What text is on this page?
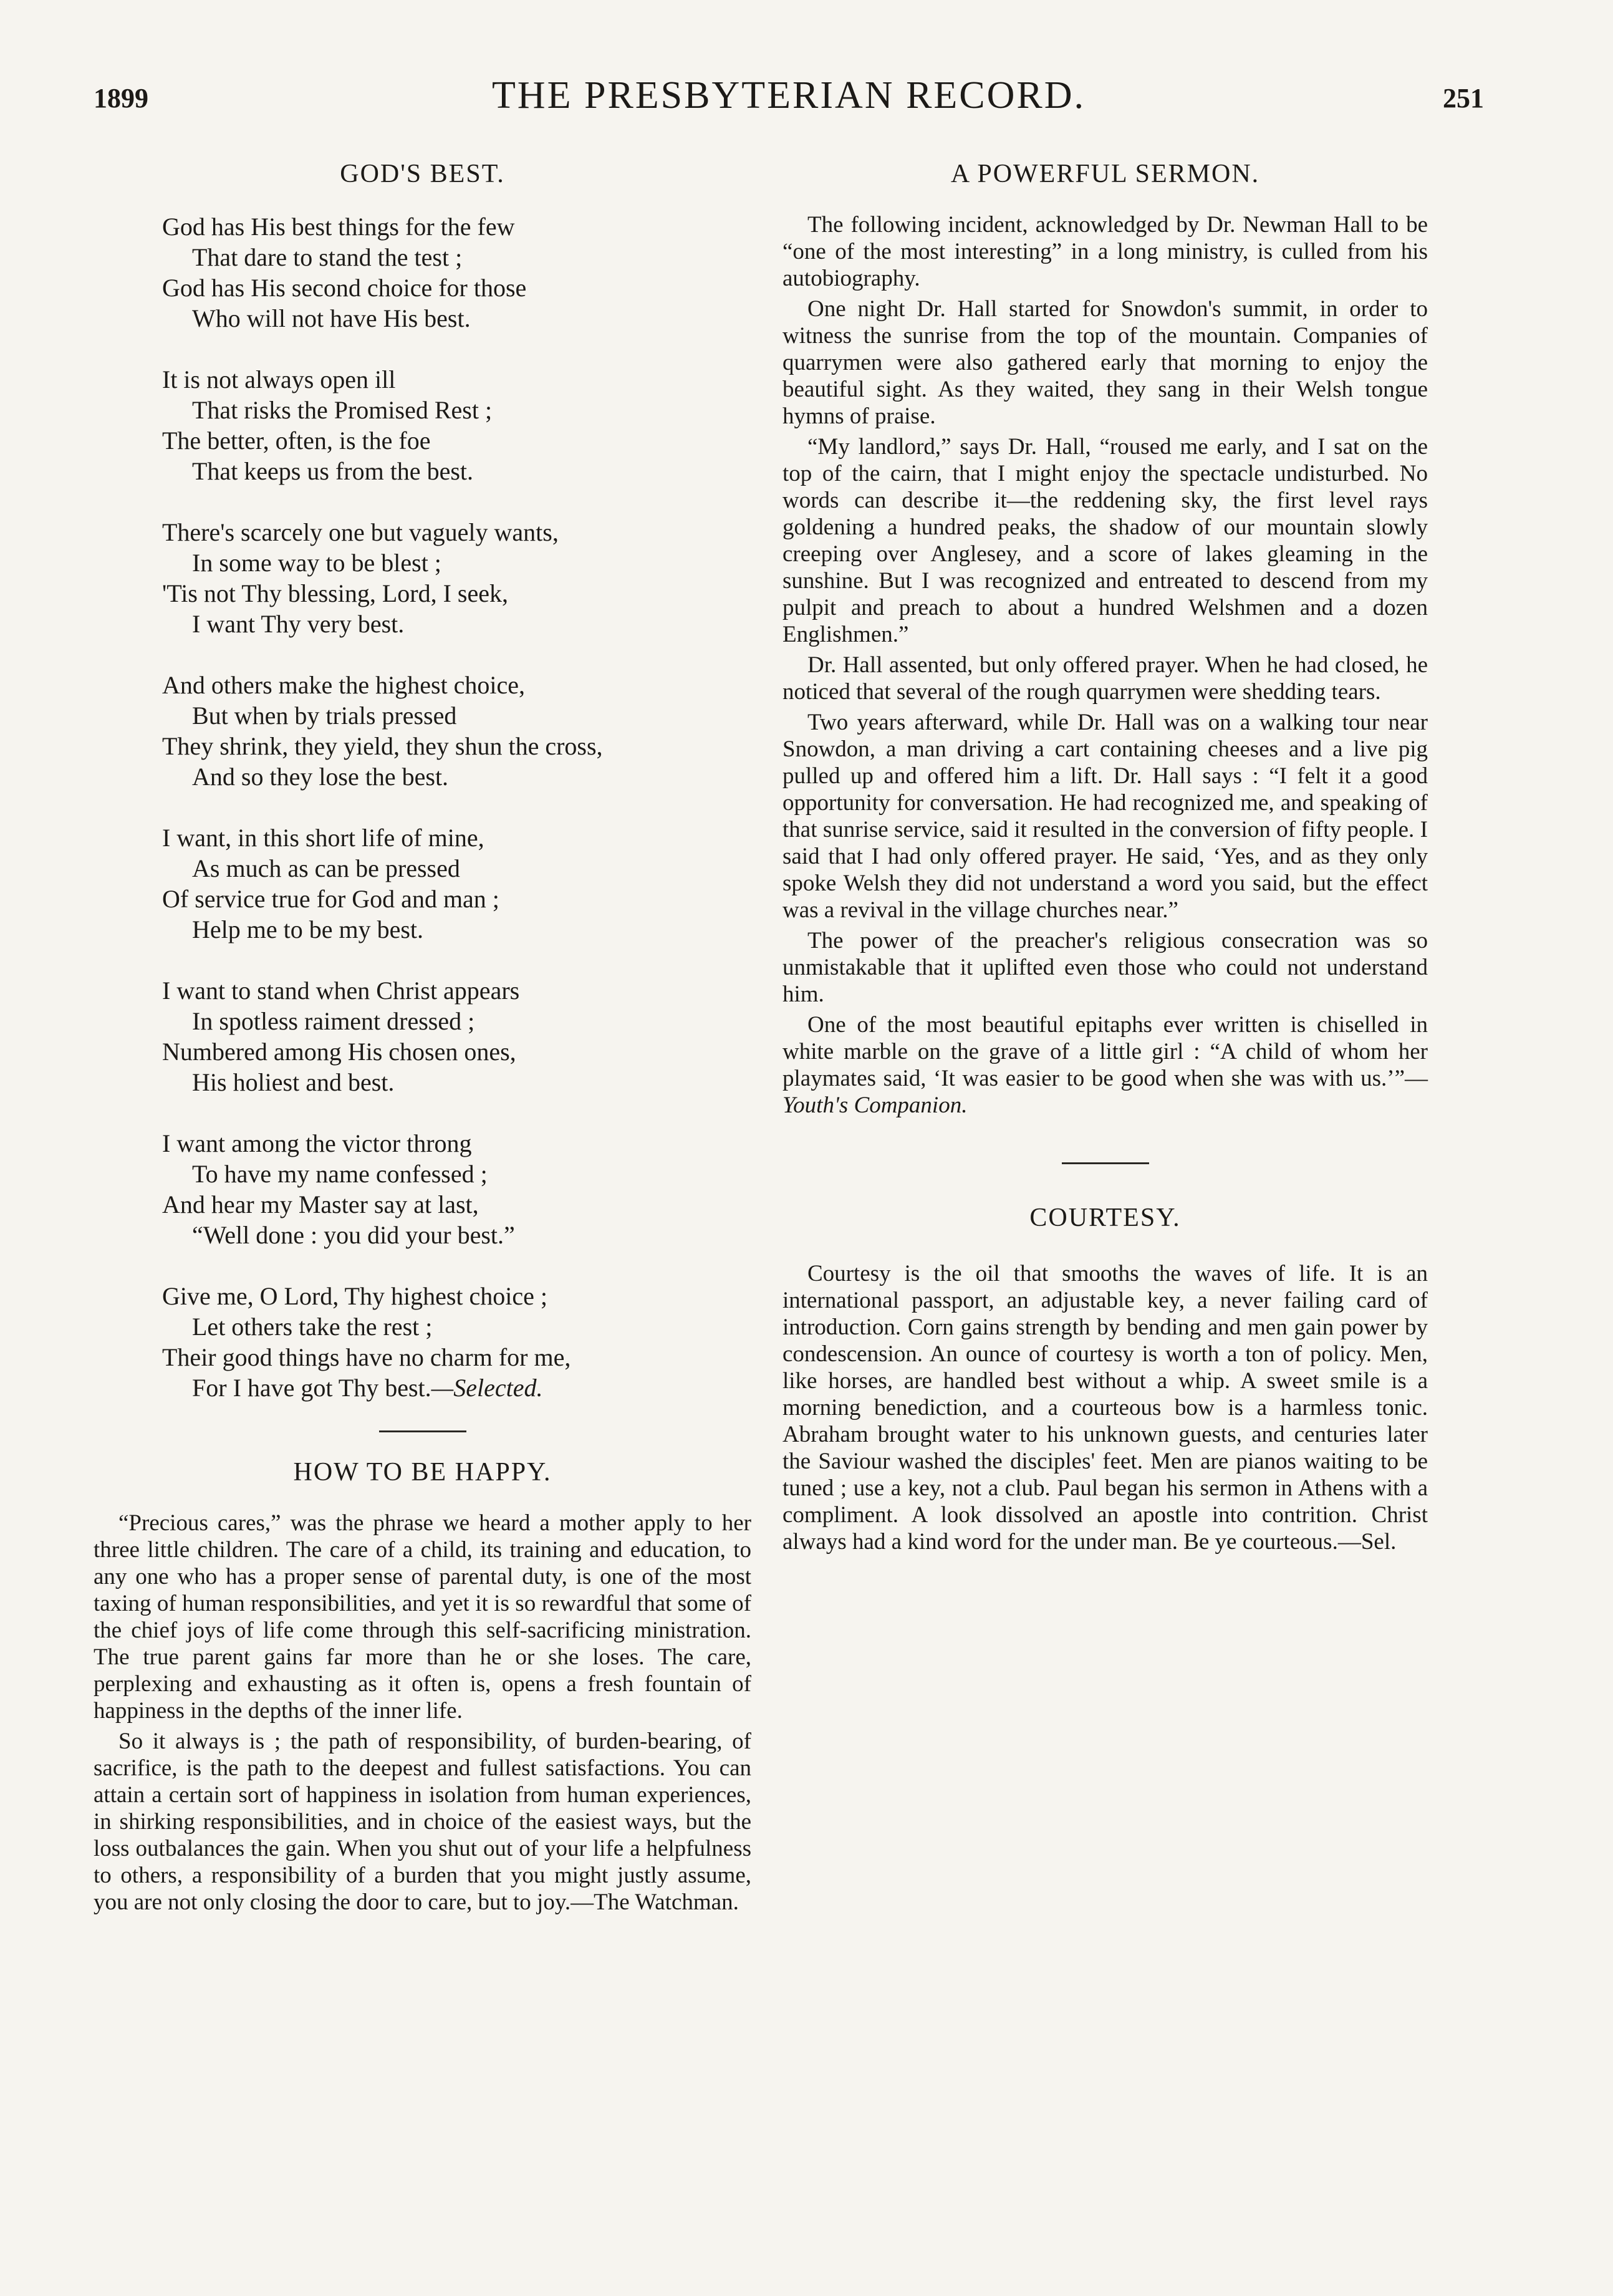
1899	THE PRESBYTERIAN RECORD.	251
GOD'S BEST.
God has His best things for the few
That dare to stand the test ;
God has His second choice for those
Who will not have His best.
It is not always open ill
That risks the Promised Rest ;
The better, often, is the foe
That keeps us from the best.
There's scarcely one but vaguely wants,
In some way to be blest ;
'Tis not Thy blessing, Lord, I seek,
I want Thy very best.
And others make the highest choice,
But when by trials pressed
They shrink, they yield, they shun the cross,
And so they lose the best.
I want, in this short life of mine,
As much as can be pressed
Of service true for God and man ;
Help me to be my best.
I want to stand when Christ appears
In spotless raiment dressed ;
Numbered among His chosen ones,
His holiest and best.
I want among the victor throng
To have my name confessed ;
And hear my Master say at last,
“Well done : you did your best.”
Give me, O Lord, Thy highest choice ;
Let others take the rest ;
Their good things have no charm for me,
For I have got Thy best.—Selected.
HOW TO BE HAPPY.

“Precious cares,” was the phrase we heard a mother apply to her three little children. The care of a child, its training and education, to any one who has a proper sense of parental duty, is one of the most taxing of human responsibilities, and yet it is so rewardful that some of the chief joys of life come through this self-sacrificing ministration. The true parent gains far more than he or she loses. The care, perplexing and exhausting as it often is, opens a fresh fountain of happiness in the depths of the inner life.

So it always is ; the path of responsibility, of burden-bearing, of sacrifice, is the path to the deepest and fullest satisfactions. You can attain a certain sort of happiness in isolation from human experiences, in shirking responsibilities, and in choice of the easiest ways, but the loss outbalances the gain. When you shut out of your life a helpfulness to others, a responsibility of a burden that you might justly assume, you are not only closing the door to care, but to joy.—The Watchman.

A POWERFUL SERMON.

The following incident, acknowledged by Dr. Newman Hall to be “one of the most interesting” in a long ministry, is culled from his autobiography.

One night Dr. Hall started for Snowdon's summit, in order to witness the sunrise from the top of the mountain. Companies of quarrymen were also gathered early that morning to enjoy the beautiful sight. As they waited, they sang in their Welsh tongue hymns of praise.

“My landlord,” says Dr. Hall, “roused me early, and I sat on the top of the cairn, that I might enjoy the spectacle undisturbed. No words can describe it—the reddening sky, the first level rays goldening a hundred peaks, the shadow of our mountain slowly creeping over Anglesey, and a score of lakes gleaming in the sunshine. But I was recognized and entreated to descend from my pulpit and preach to about a hundred Welshmen and a dozen Englishmen.”

Dr. Hall assented, but only offered prayer. When he had closed, he noticed that several of the rough quarrymen were shedding tears.

Two years afterward, while Dr. Hall was on a walking tour near Snowdon, a man driving a cart containing cheeses and a live pig pulled up and offered him a lift. Dr. Hall says : “I felt it a good opportunity for conversation. He had recognized me, and speaking of that sunrise service, said it resulted in the conversion of fifty people. I said that I had only offered prayer. He said, ‘Yes, and as they only spoke Welsh they did not understand a word you said, but the effect was a revival in the village churches near.”

The power of the preacher's religious consecration was so unmistakable that it uplifted even those who could not understand him.

One of the most beautiful epitaphs ever written is chiselled in white marble on the grave of a little girl : “A child of whom her playmates said, ‘It was easier to be good when she was with us.’”—Youth's Companion.

COURTESY.

Courtesy is the oil that smooths the waves of life. It is an international passport, an adjustable key, a never failing card of introduction. Corn gains strength by bending and men gain power by condescension. An ounce of courtesy is worth a ton of policy. Men, like horses, are handled best without a whip. A sweet smile is a morning benediction, and a courteous bow is a harmless tonic. Abraham brought water to his unknown guests, and centuries later the Saviour washed the disciples' feet. Men are pianos waiting to be tuned ; use a key, not a club. Paul began his sermon in Athens with a compliment. A look dissolved an apostle into contrition. Christ always had a kind word for the under man. Be ye courteous.—Sel.
